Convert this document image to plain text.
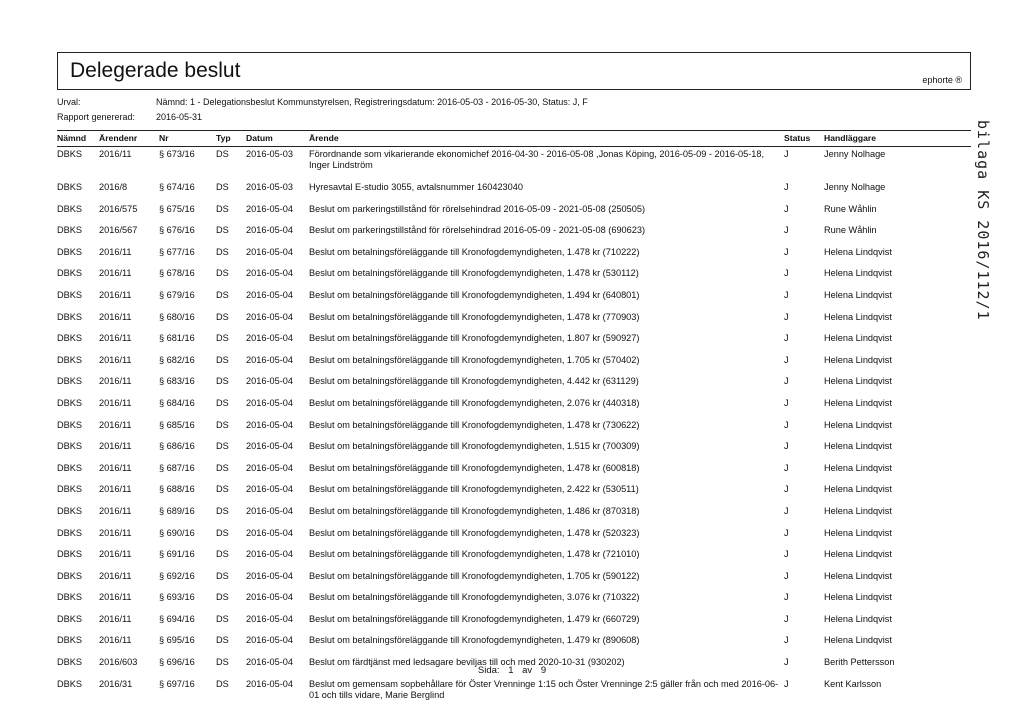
Delegerade beslut	ephorte ®
Urval:	Nämnd: 1 - Delegationsbeslut Kommunstyrelsen, Registreringsdatum: 2016-05-03 - 2016-05-30, Status: J, F
Rapport genererad: 2016-05-31
Nämnd	Ärendenr	Nr	Typ	Datum	Ärende	Status	Handläggare
DBKS	2016/11	§ 673/16	DS	2016-05-03	Förordnande som vikarierande ekonomichef 2016-04-30 - 2016-05-08 ,Jonas Köping, 2016-05-09 - 2016-05-18, Inger Lindström	J	Jenny Nolhage
DBKS	2016/8	§ 674/16	DS	2016-05-03	Hyresavtal E-studio 3055, avtalsnummer 160423040	J	Jenny Nolhage
DBKS	2016/575	§ 675/16	DS	2016-05-04	Beslut om parkeringstillstånd för rörelsehindrad 2016-05-09 - 2021-05-08 (250505)	J	Rune Wåhlin
DBKS	2016/567	§ 676/16	DS	2016-05-04	Beslut om parkeringstillstånd för rörelsehindrad 2016-05-09 - 2021-05-08 (690623)	J	Rune Wåhlin
DBKS	2016/11	§ 677/16	DS	2016-05-04	Beslut om betalningsföreläggande till Kronofogdemyndigheten, 1.478 kr (710222)	J	Helena Lindqvist
DBKS	2016/11	§ 678/16	DS	2016-05-04	Beslut om betalningsföreläggande till Kronofogdemyndigheten, 1.478 kr (530112)	J	Helena Lindqvist
DBKS	2016/11	§ 679/16	DS	2016-05-04	Beslut om betalningsföreläggande till Kronofogdemyndigheten, 1.494 kr (640801)	J	Helena Lindqvist
DBKS	2016/11	§ 680/16	DS	2016-05-04	Beslut om betalningsföreläggande till Kronofogdemyndigheten, 1.478 kr (770903)	J	Helena Lindqvist
DBKS	2016/11	§ 681/16	DS	2016-05-04	Beslut om betalningsföreläggande till Kronofogdemyndigheten, 1.807 kr (590927)	J	Helena Lindqvist
DBKS	2016/11	§ 682/16	DS	2016-05-04	Beslut om betalningsföreläggande till Kronofogdemyndigheten, 1.705 kr (570402)	J	Helena Lindqvist
DBKS	2016/11	§ 683/16	DS	2016-05-04	Beslut om betalningsföreläggande till Kronofogdemyndigheten, 4.442 kr (631129)	J	Helena Lindqvist
DBKS	2016/11	§ 684/16	DS	2016-05-04	Beslut om betalningsföreläggande till Kronofogdemyndigheten, 2.076 kr (440318)	J	Helena Lindqvist
DBKS	2016/11	§ 685/16	DS	2016-05-04	Beslut om betalningsföreläggande till Kronofogdemyndigheten, 1.478 kr (730622)	J	Helena Lindqvist
DBKS	2016/11	§ 686/16	DS	2016-05-04	Beslut om betalningsföreläggande till Kronofogdemyndigheten, 1.515 kr (700309)	J	Helena Lindqvist
DBKS	2016/11	§ 687/16	DS	2016-05-04	Beslut om betalningsföreläggande till Kronofogdemyndigheten, 1.478 kr (600818)	J	Helena Lindqvist
DBKS	2016/11	§ 688/16	DS	2016-05-04	Beslut om betalningsföreläggande till Kronofogdemyndigheten, 2.422 kr (530511)	J	Helena Lindqvist
DBKS	2016/11	§ 689/16	DS	2016-05-04	Beslut om betalningsföreläggande till Kronofogdemyndigheten, 1.486 kr (870318)	J	Helena Lindqvist
DBKS	2016/11	§ 690/16	DS	2016-05-04	Beslut om betalningsföreläggande till Kronofogdemyndigheten, 1.478 kr (520323)	J	Helena Lindqvist
DBKS	2016/11	§ 691/16	DS	2016-05-04	Beslut om betalningsföreläggande till Kronofogdemyndigheten, 1.478 kr (721010)	J	Helena Lindqvist
DBKS	2016/11	§ 692/16	DS	2016-05-04	Beslut om betalningsföreläggande till Kronofogdemyndigheten, 1.705 kr (590122)	J	Helena Lindqvist
DBKS	2016/11	§ 693/16	DS	2016-05-04	Beslut om betalningsföreläggande till Kronofogdemyndigheten, 3.076 kr (710322)	J	Helena Lindqvist
DBKS	2016/11	§ 694/16	DS	2016-05-04	Beslut om betalningsföreläggande till Kronofogdemyndigheten, 1.479 kr (660729)	J	Helena Lindqvist
DBKS	2016/11	§ 695/16	DS	2016-05-04	Beslut om betalningsföreläggande till Kronofogdemyndigheten, 1.479 kr (890608)	J	Helena Lindqvist
DBKS	2016/603	§ 696/16	DS	2016-05-04	Beslut om färdtjänst med ledsagare beviljas till och med 2020-10-31 (930202)	J	Berith Pettersson
DBKS	2016/31	§ 697/16	DS	2016-05-04	Beslut om gemensam sopbehållare för Öster Vrenninge 1:15 och Öster Vrenninge 2:5 gäller från och med 2016-06-01 och tills vidare, Marie Berglind	J	Kent Karlsson
bilaga KS 2016/112/1
Sida: 1 av 9
